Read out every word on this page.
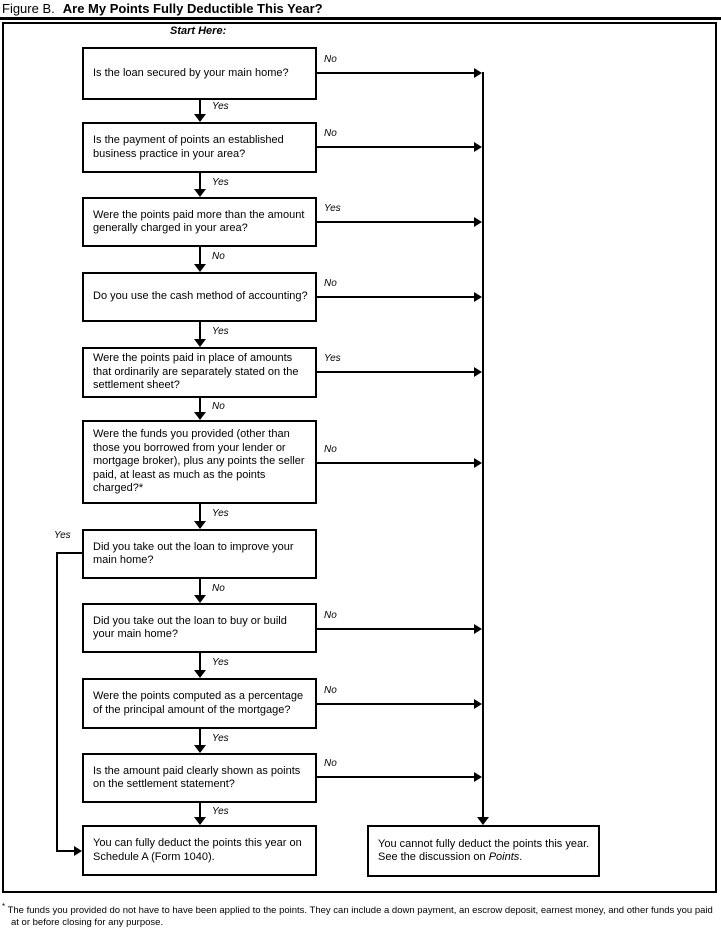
Figure B. Are My Points Fully Deductible This Year?
Start Here:
Is the loan secured by your main home?
Is the payment of points an established business practice in your area?
Were the points paid more than the amount generally charged in your area?
Do you use the cash method of accounting?
Were the points paid in place of amounts that ordinarily are separately stated on the settlement sheet?
Were the funds you provided (other than those you borrowed from your lender or mortgage broker), plus any points the seller paid, at least as much as the points charged?*
Did you take out the loan to improve your main home?
Did you take out the loan to buy or build your main home?
Were the points computed as a percentage of the principal amount of the mortgage?
Is the amount paid clearly shown as points on the settlement statement?
You can fully deduct the points this year on Schedule A (Form 1040).
You cannot fully deduct the points this year. See the discussion on Points.
Yes
Yes
No
Yes
No
Yes
No
Yes
Yes
Yes
No
No
Yes
No
Yes
No
No
No
No
Yes
* The funds you provided do not have to have been applied to the points. They can include a down payment, an escrow deposit, earnest money, and other funds you paid at or before closing for any purpose.
